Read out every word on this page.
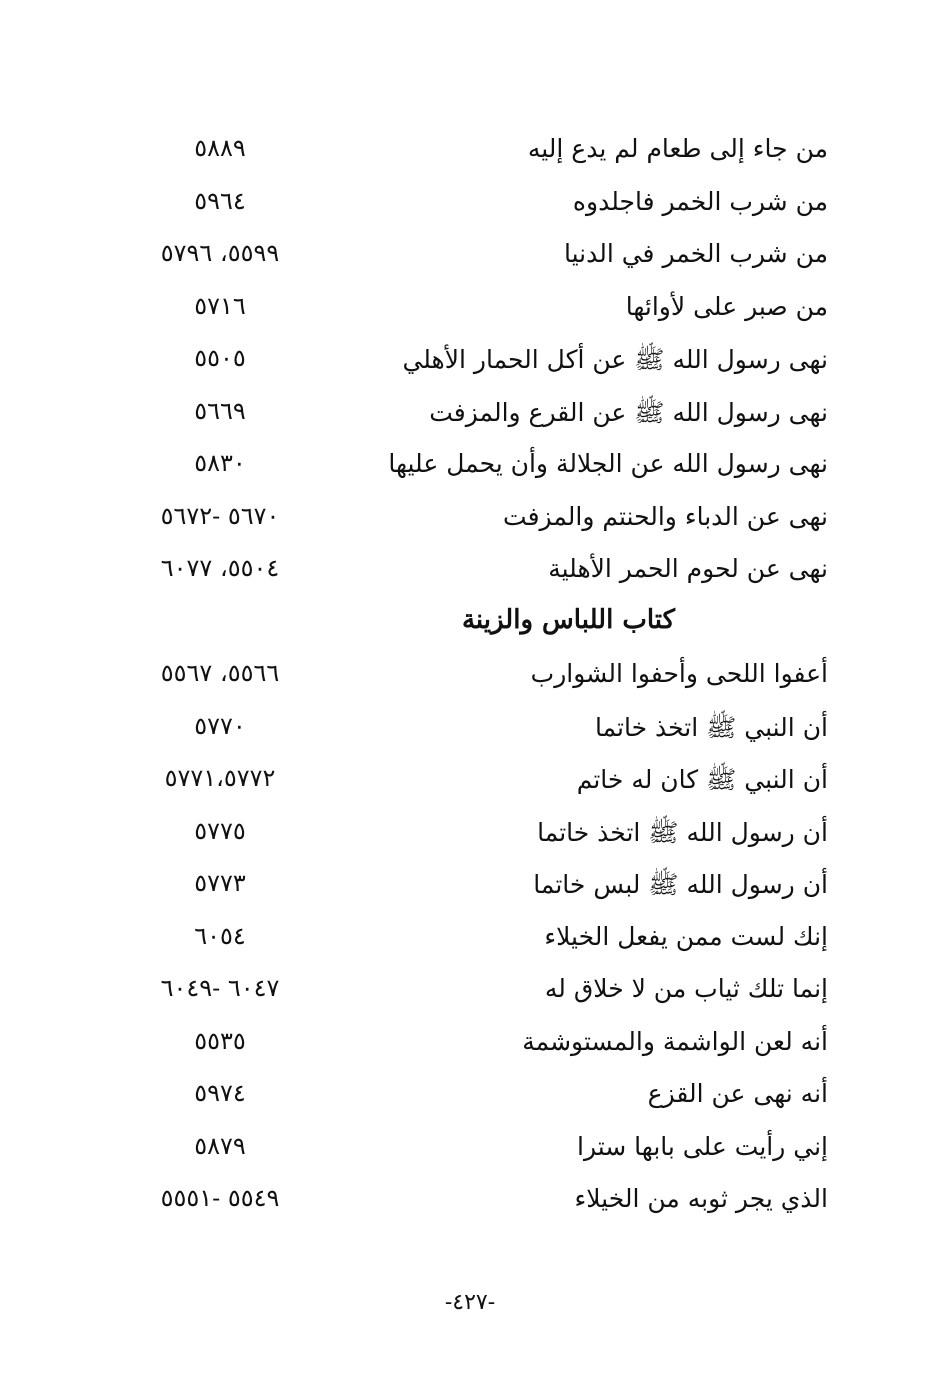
من جاء إلى طعام لم يدع إليه
٥٨٨٩
من شرب الخمر فاجلدوه
٥٩٦٤
من شرب الخمر في الدنيا
٥٥٩٩، ٥٧٩٦
من صبر على لأوائها
٥٧١٦
نهى رسول الله ﷺ عن أكل الحمار الأهلي
٥٥٠٥
نهى رسول الله ﷺ عن القرع والمزفت
٥٦٦٩
نهى رسول الله عن الجلالة وأن يحمل عليها
٥٨٣٠
نهى عن الدباء والحنتم والمزفت
٥٦٧٠ -٥٦٧٢
نهى عن لحوم الحمر الأهلية
٥٥٠٤، ٦٠٧٧
كتاب اللباس والزينة
أعفوا اللحى وأحفوا الشوارب
٥٥٦٦، ٥٥٦٧
أن النبي ﷺ اتخذ خاتما
٥٧٧٠
أن النبي ﷺ كان له خاتم
٥٧٧١،٥٧٧٢
أن رسول الله ﷺ اتخذ خاتما
٥٧٧٥
أن رسول الله ﷺ لبس خاتما
٥٧٧٣
إنك لست ممن يفعل الخيلاء
٦٠٥٤
إنما تلك ثياب من لا خلاق له
٦٠٤٧ -٦٠٤٩
أنه لعن الواشمة والمستوشمة
٥٥٣٥
أنه نهى عن القزع
٥٩٧٤
إني رأيت على بابها سترا
٥٨٧٩
الذي يجر ثوبه من الخيلاء
٥٥٤٩ -٥٥٥١
-٤٢٧-
